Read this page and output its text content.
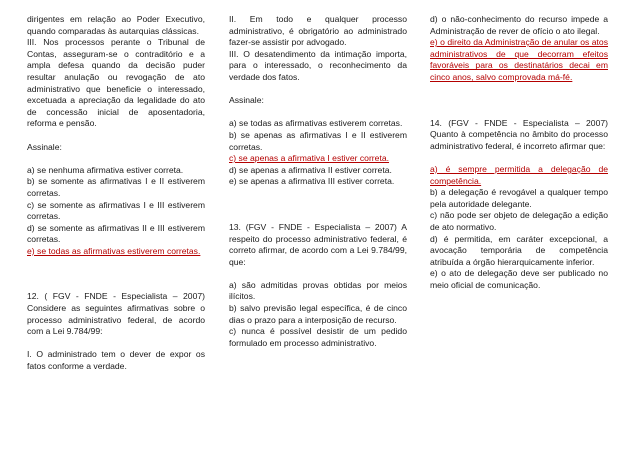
dirigentes em relação ao Poder Executivo, quando comparadas às autarquias clássicas.

III. Nos processos perante o Tribunal de Contas, asseguram-se o contraditório e a ampla defesa quando da decisão puder resultar anulação ou revogação de ato administrativo que beneficie o interessado, excetuada a apreciação da legalidade do ato de concessão inicial de aposentadoria, reforma e pensão.

Assinale:

a) se nenhuma afirmativa estiver correta.

b) se somente as afirmativas I e II estiverem corretas.

c) se somente as afirmativas I e III estiverem corretas.

d) se somente as afirmativas II e III estiverem corretas.

e) se todas as afirmativas estiverem corretas.

12. ( FGV - FNDE - Especialista – 2007) Considere as seguintes afirmativas sobre o processo administrativo federal, de acordo com a Lei 9.784/99:

I. O administrado tem o dever de expor os fatos conforme a verdade.

II. Em todo e qualquer processo administrativo, é obrigatório ao administrado fazer-se assistir por advogado.

III. O desatendimento da intimação importa, para o interessado, o reconhecimento da verdade dos fatos.

Assinale:

a) se todas as afirmativas estiverem corretas.

b) se apenas as afirmativas I e II estiverem corretas.

c) se apenas a afirmativa I estiver correta.

d) se apenas a afirmativa II estiver correta.

e) se apenas a afirmativa III estiver correta.

13. (FGV - FNDE - Especialista – 2007) A respeito do processo administrativo federal, é correto afirmar, de acordo com a Lei 9.784/99, que:

a) são admitidas provas obtidas por meios ilícitos.

b) salvo previsão legal específica, é de cinco dias o prazo para a interposição de recurso.

c) nunca é possível desistir de um pedido formulado em processo administrativo.

d) o não-conhecimento do recurso impede a Administração de rever de ofício o ato ilegal.

e) o direito da Administração de anular os atos administrativos de que decorram efeitos favoráveis para os destinatários decai em cinco anos, salvo comprovada má-fé.

14. (FGV - FNDE - Especialista – 2007) Quanto à competência no âmbito do processo administrativo federal, é incorreto afirmar que:

a) é sempre permitida a delegação de competência.

b) a delegação é revogável a qualquer tempo pela autoridade delegante.

c) não pode ser objeto de delegação a edição de ato normativo.

d) é permitida, em caráter excepcional, a avocação temporária de competência atribuída a órgão hierarquicamente inferior.

e) o ato de delegação deve ser publicado no meio oficial de comunicação.
